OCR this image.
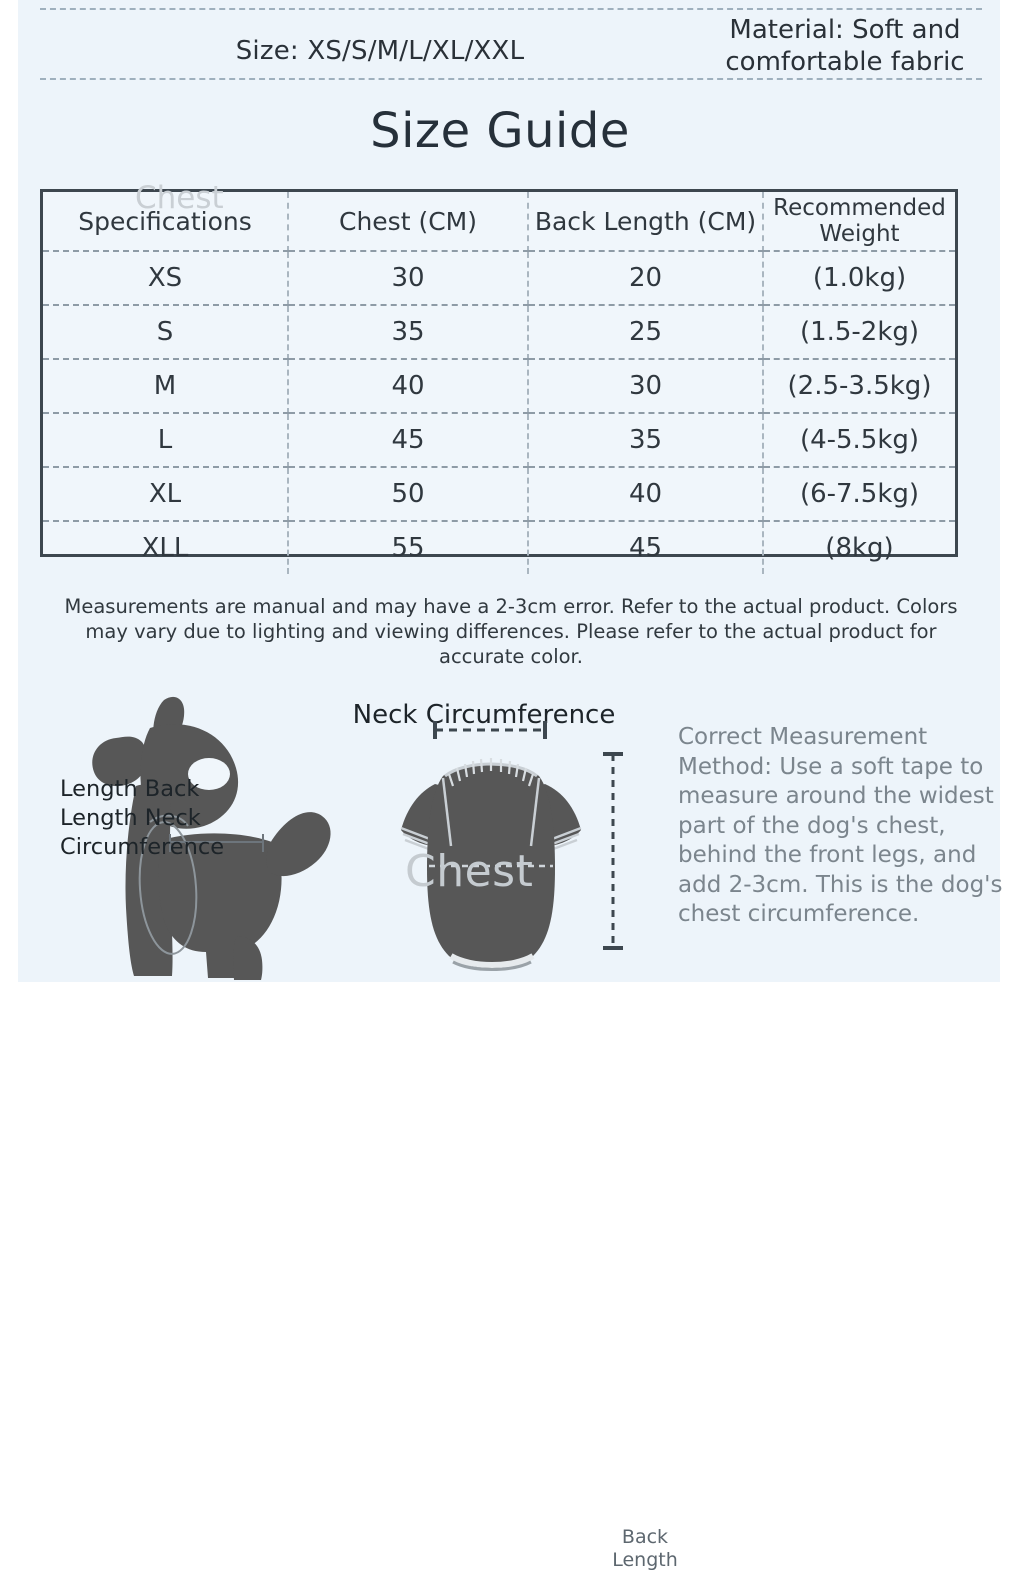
Size: XS/S/M/L/XL/XXL
Material: Soft and comfortable fabric
Size Guide
Specifications	Chest (CM)	Back Length (CM)	Recommended Weight
XS	30	20	(1.0kg)
S	35	25	(1.5-2kg)
M	40	30	(2.5-3.5kg)
L	45	35	(4-5.5kg)
XL	50	40	(6-7.5kg)
XLL	55	45	(8kg)
Measurements are manual and may have a 2-3cm error. Refer to the actual product. Colors may vary due to lighting and viewing differences. Please refer to the actual product for accurate color.
Length Back
Length Neck
Circumference
Neck Circumference
Back
Length
Chest
Chest
Correct Measurement Method: Use a soft tape to measure around the widest part of the dog's chest, behind the front legs, and add 2-3cm. This is the dog's chest circumference.
